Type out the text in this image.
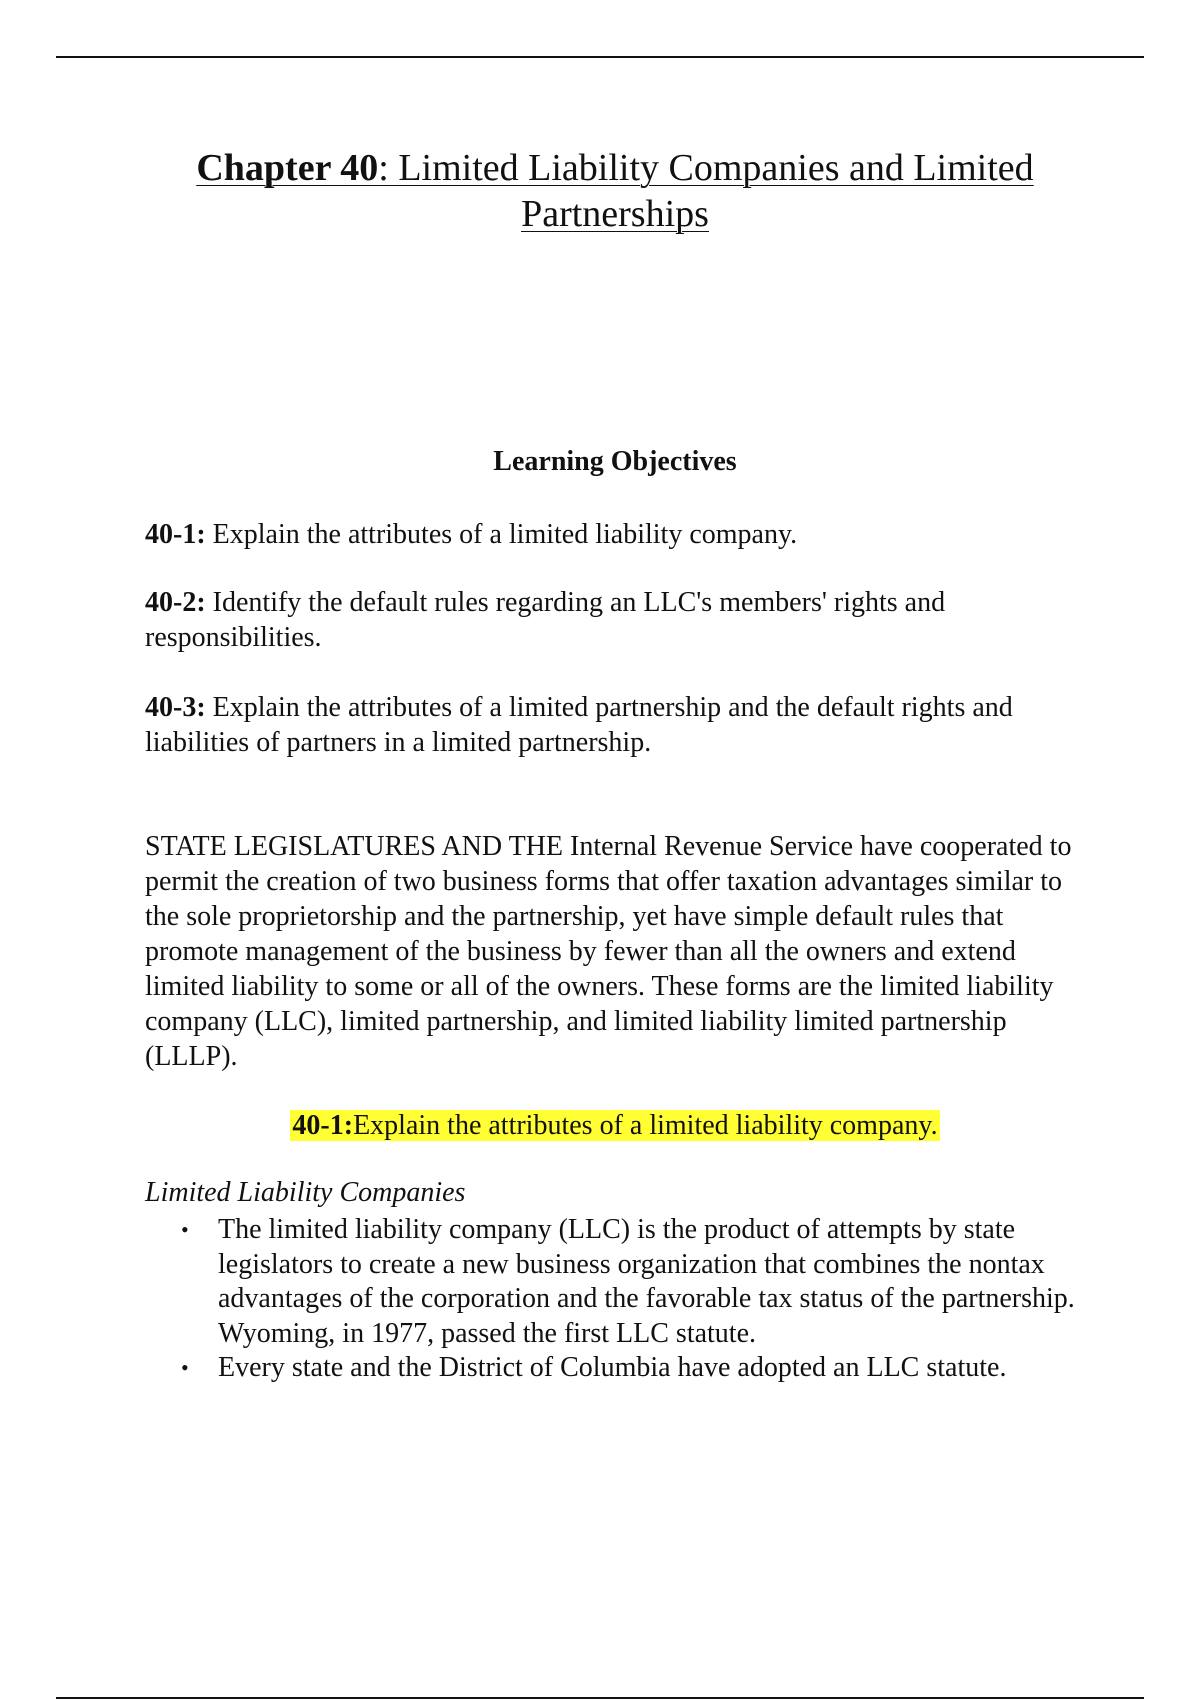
Chapter 40: Limited Liability Companies and Limited Partnerships
Learning Objectives

40-1: Explain the attributes of a limited liability company.

40-2: Identify the default rules regarding an LLC's members' rights and responsibilities.

40-3: Explain the attributes of a limited partnership and the default rights and liabilities of partners in a limited partnership.

STATE LEGISLATURES AND THE Internal Revenue Service have cooperated to permit the creation of two business forms that offer taxation advantages similar to the sole proprietorship and the partnership, yet have simple default rules that promote management of the business by fewer than all the owners and extend limited liability to some or all of the owners. These forms are the limited liability company (LLC), limited partnership, and limited liability limited partnership (LLLP).

40-1:Explain the attributes of a limited liability company.
Limited Liability Companies
• The limited liability company (LLC) is the product of attempts by state legislators to create a new business organization that combines the nontax advantages of the corporation and the favorable tax status of the partnership. Wyoming, in 1977, passed the first LLC statute.
• Every state and the District of Columbia have adopted an LLC statute.
